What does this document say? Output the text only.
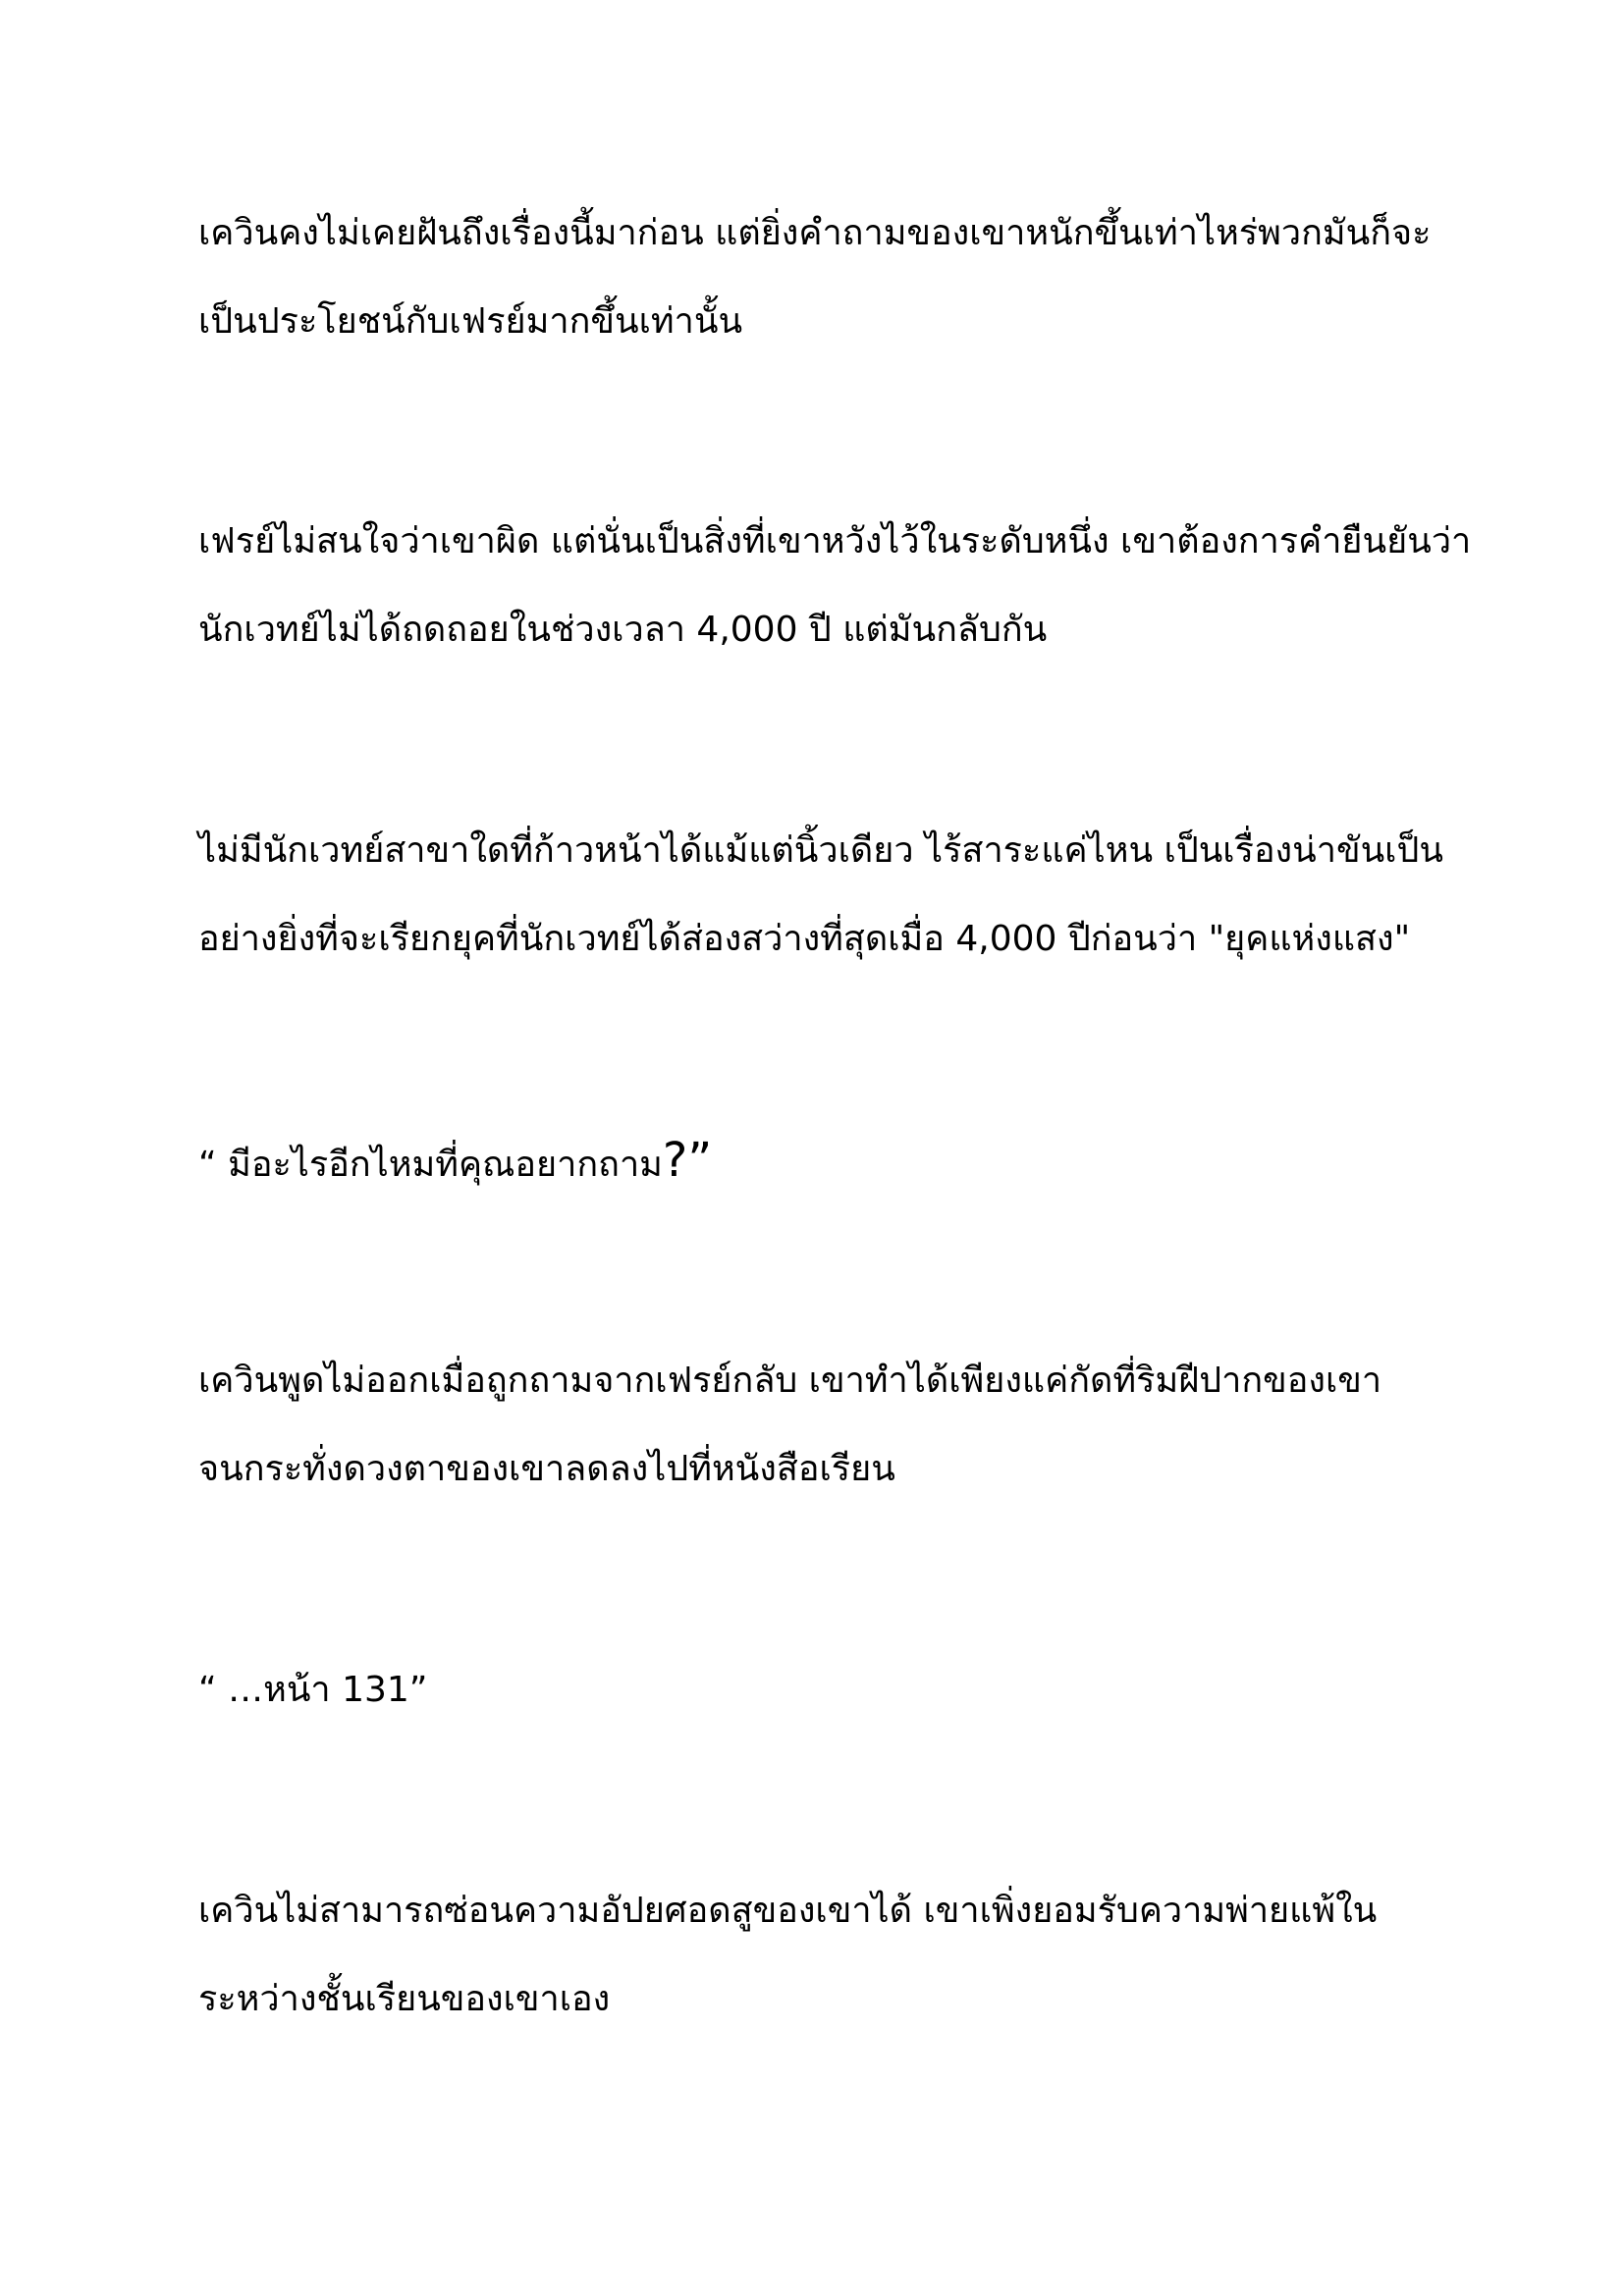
เควินคงไม่เคยฝันถึงเรื่องนี้มาก่อน แต่ยิ่งคำถามของเขาหนักขึ้นเท่าไหร่พวกมันก็จะ
เป็นประโยชน์กับเฟรย์มากขึ้นเท่านั้น

เฟรย์ไม่สนใจว่าเขาผิด แต่นั่นเป็นสิ่งที่เขาหวังไว้ในระดับหนึ่ง เขาต้องการคำยืนยันว่า
นักเวทย์ไม่ได้ถดถอยในช่วงเวลา 4,000 ปี แต่มันกลับกัน

ไม่มีนักเวทย์สาขาใดที่ก้าวหน้าได้แม้แต่นิ้วเดียว ไร้สาระแค่ไหน เป็นเรื่องน่าขันเป็น
อย่างยิ่งที่จะเรียกยุคที่นักเวทย์ได้ส่องสว่างที่สุดเมื่อ 4,000 ปีก่อนว่า "ยุคแห่งแสง"

“ มีอะไรอีกไหมที่คุณอยากถาม?”

เควินพูดไม่ออกเมื่อถูกถามจากเฟรย์กลับ เขาทำได้เพียงแค่กัดที่ริมฝีปากของเขา
จนกระทั่งดวงตาของเขาลดลงไปที่หนังสือเรียน

“ …หน้า 131”

เควินไม่สามารถซ่อนความอัปยศอดสูของเขาได้ เขาเพิ่งยอมรับความพ่ายแพ้ใน
ระหว่างชั้นเรียนของเขาเอง
